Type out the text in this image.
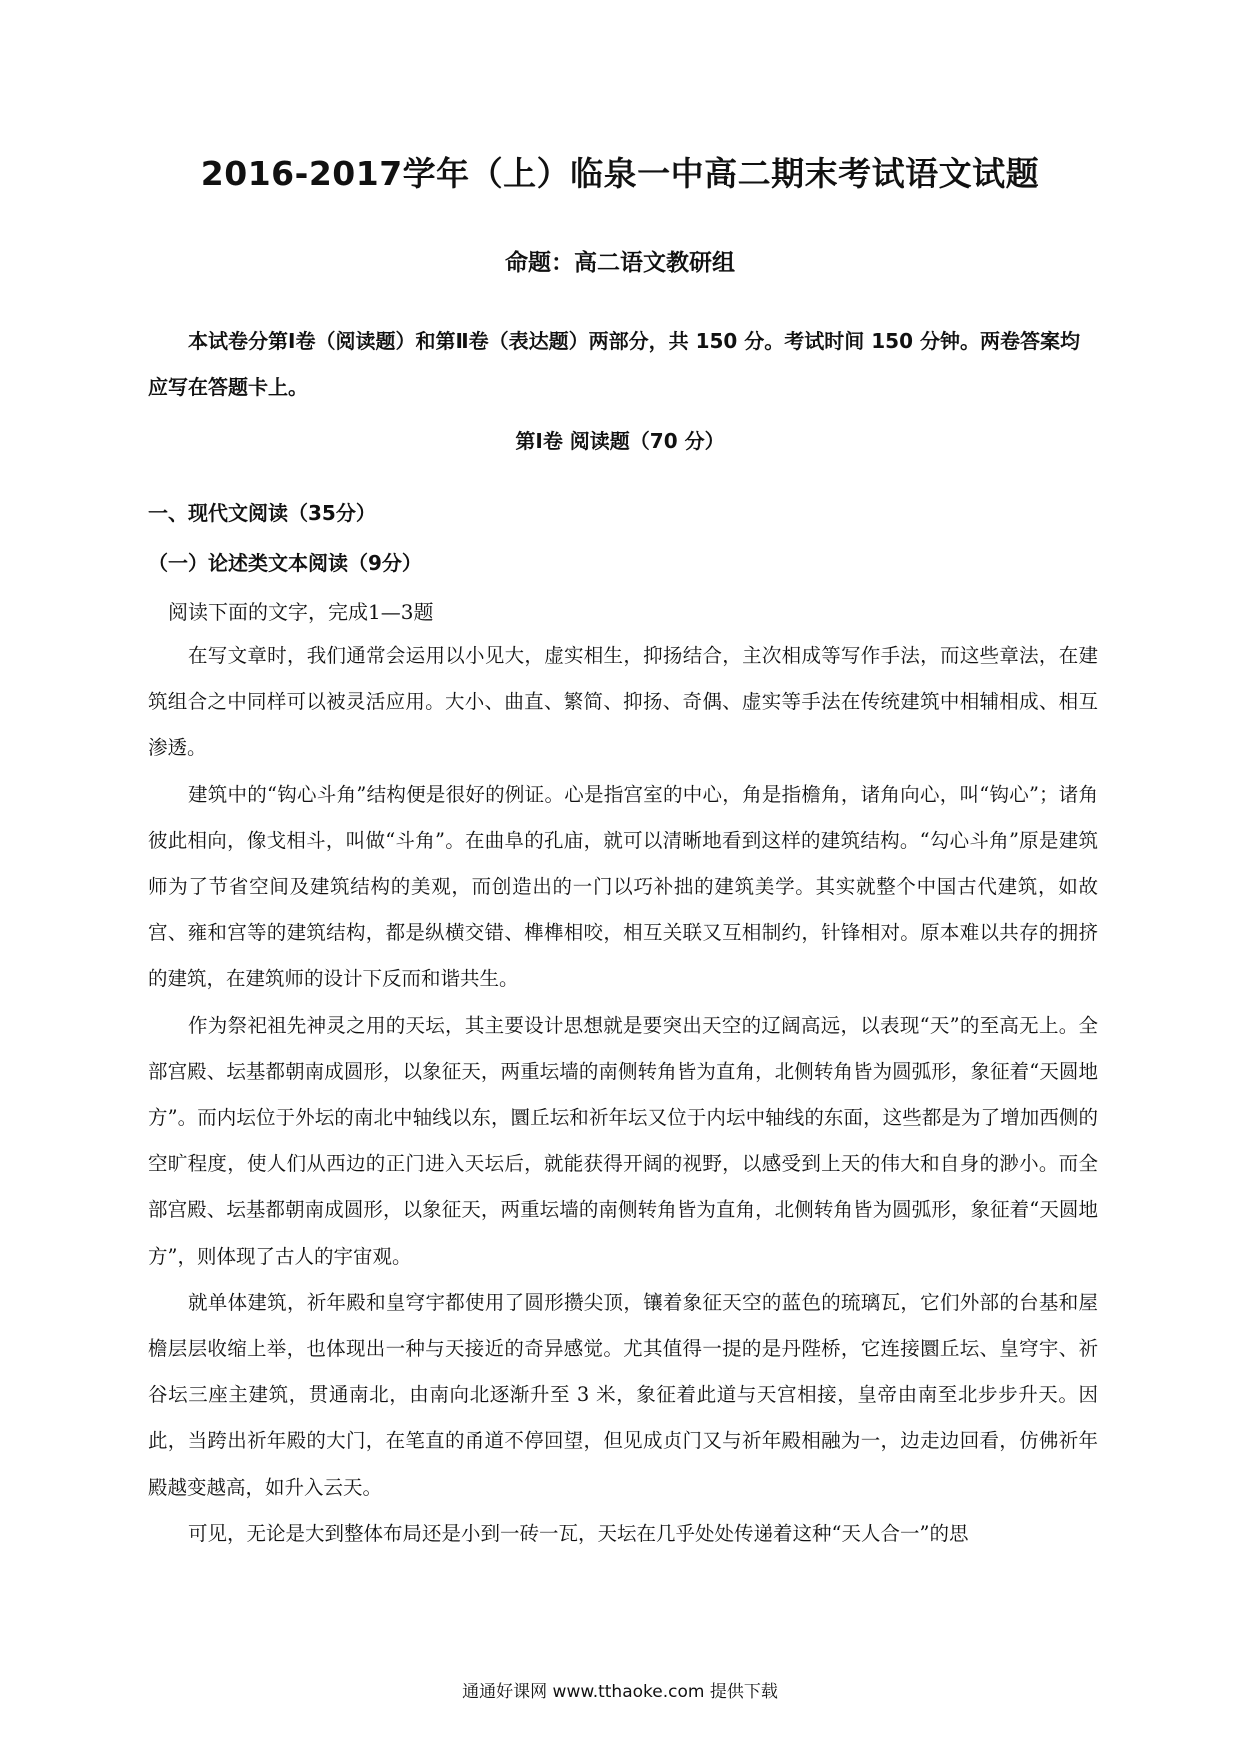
2016-2017学年（上）临泉一中高二期末考试语文试题
命题：高二语文教研组
本试卷分第Ⅰ卷（阅读题）和第Ⅱ卷（表达题）两部分，共 150 分。考试时间 150 分钟。两卷答案均应写在答题卡上。
第Ⅰ卷 阅读题（70 分）
一、现代文阅读（35分）
（一）论述类文本阅读（9分）
阅读下面的文字，完成1—3题

在写文章时，我们通常会运用以小见大，虚实相生，抑扬结合，主次相成等写作手法，而这些章法，在建筑组合之中同样可以被灵活应用。大小、曲直、繁简、抑扬、奇偶、虚实等手法在传统建筑中相辅相成、相互渗透。

建筑中的“钩心斗角”结构便是很好的例证。心是指宫室的中心，角是指檐角，诸角向心，叫“钩心”；诸角彼此相向，像戈相斗，叫做“斗角”。在曲阜的孔庙，就可以清晰地看到这样的建筑结构。“勾心斗角”原是建筑师为了节省空间及建筑结构的美观，而创造出的一门以巧补拙的建筑美学。其实就整个中国古代建筑，如故宫、雍和宫等的建筑结构，都是纵横交错、榫榫相咬，相互关联又互相制约，针锋相对。原本难以共存的拥挤的建筑，在建筑师的设计下反而和谐共生。

作为祭祀祖先神灵之用的天坛，其主要设计思想就是要突出天空的辽阔高远，以表现“天”的至高无上。全部宫殿、坛基都朝南成圆形，以象征天，两重坛墙的南侧转角皆为直角，北侧转角皆为圆弧形，象征着“天圆地方”。而内坛位于外坛的南北中轴线以东，圜丘坛和祈年坛又位于内坛中轴线的东面，这些都是为了增加西侧的空旷程度，使人们从西边的正门进入天坛后，就能获得开阔的视野，以感受到上天的伟大和自身的渺小。而全部宫殿、坛基都朝南成圆形，以象征天，两重坛墙的南侧转角皆为直角，北侧转角皆为圆弧形，象征着“天圆地方”，则体现了古人的宇宙观。

就单体建筑，祈年殿和皇穹宇都使用了圆形攒尖顶，镶着象征天空的蓝色的琉璃瓦，它们外部的台基和屋檐层层收缩上举，也体现出一种与天接近的奇异感觉。尤其值得一提的是丹陛桥，它连接圜丘坛、皇穹宇、祈谷坛三座主建筑，贯通南北，由南向北逐渐升至 3 米，象征着此道与天宫相接，皇帝由南至北步步升天。因此，当跨出祈年殿的大门，在笔直的甬道不停回望，但见成贞门又与祈年殿相融为一，边走边回看，仿佛祈年殿越变越高，如升入云天。

可见，无论是大到整体布局还是小到一砖一瓦，天坛在几乎处处传递着这种“天人合一”的思

通通好课网 www.tthaoke.com 提供下载
